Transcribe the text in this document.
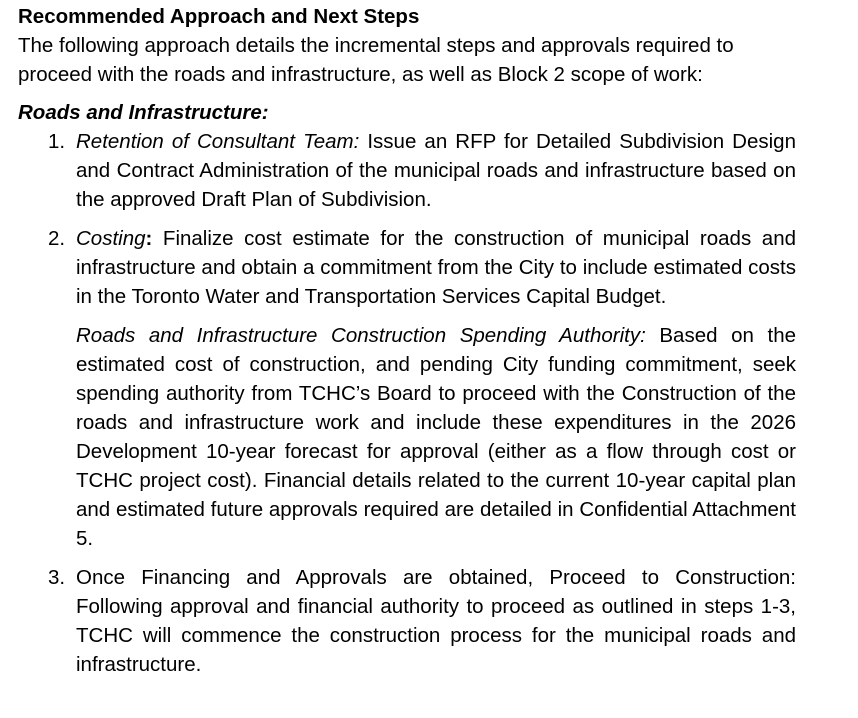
Recommended Approach and Next Steps

The following approach details the incremental steps and approvals required to proceed with the roads and infrastructure, as well as Block 2 scope of work:

Roads and Infrastructure:

1. Retention of Consultant Team: Issue an RFP for Detailed Subdivision Design and Contract Administration of the municipal roads and infrastructure based on the approved Draft Plan of Subdivision.
2. Costing: Finalize cost estimate for the construction of municipal roads and infrastructure and obtain a commitment from the City to include estimated costs in the Toronto Water and Transportation Services Capital Budget.
Roads and Infrastructure Construction Spending Authority: Based on the estimated cost of construction, and pending City funding commitment, seek spending authority from TCHC’s Board to proceed with the Construction of the roads and infrastructure work and include these expenditures in the 2026 Development 10-year forecast for approval (either as a flow through cost or TCHC project cost). Financial details related to the current 10-year capital plan and estimated future approvals required are detailed in Confidential Attachment 5.
3. Once Financing and Approvals are obtained, Proceed to Construction: Following approval and financial authority to proceed as outlined in steps 1-3, TCHC will commence the construction process for the municipal roads and infrastructure.
